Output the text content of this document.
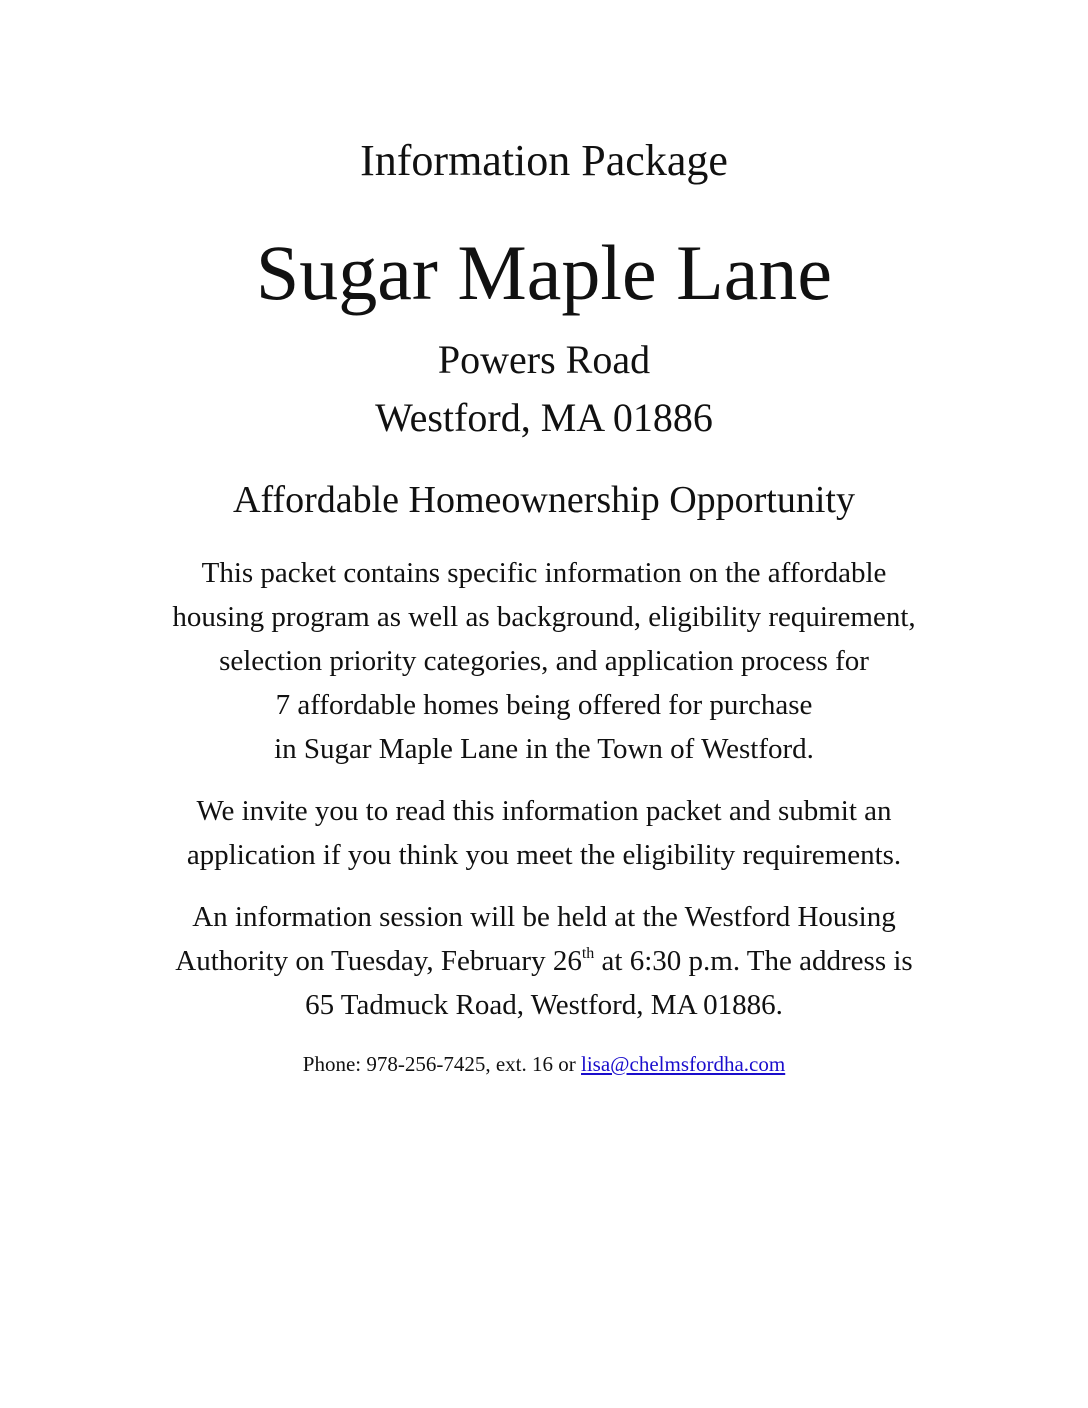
Information Package
Sugar Maple Lane
Powers Road
Westford, MA 01886
Affordable Homeownership Opportunity
This packet contains specific information on the affordable
housing program as well as background, eligibility requirement,
selection priority categories, and application process for
7 affordable homes being offered for purchase
in Sugar Maple Lane in the Town of Westford.
We invite you to read this information packet and submit an
application if you think you meet the eligibility requirements.
An information session will be held at the Westford Housing
Authority on Tuesday, February 26th at 6:30 p.m. The address is
65 Tadmuck Road, Westford, MA 01886.
Phone: 978-256-7425, ext. 16 or lisa@chelmsfordha.com
